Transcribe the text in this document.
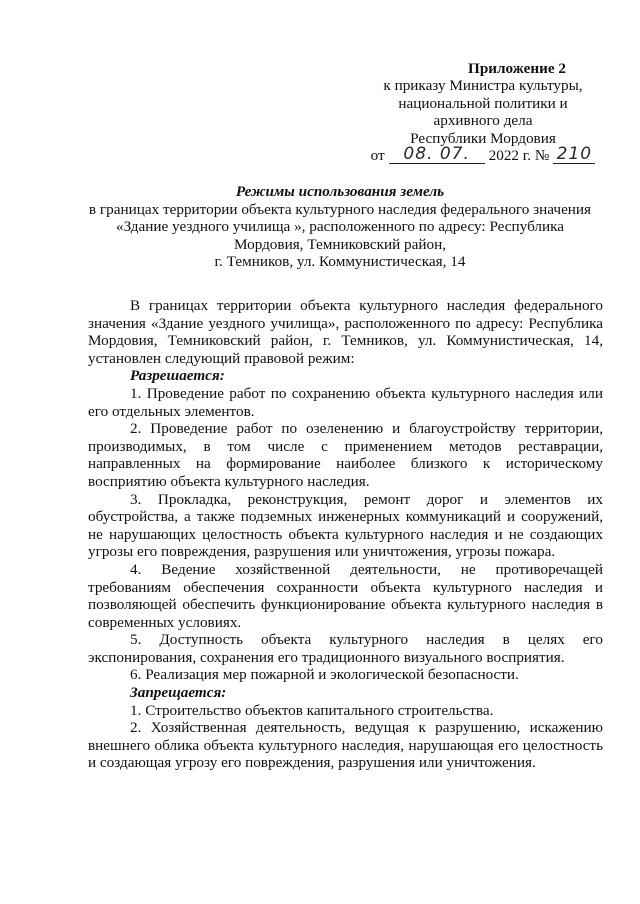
Приложение 2
к приказу Министра культуры,
национальной политики и
архивного дела
Республики Мордовия
от	08. 07.	2022 г. № 210
Режимы использования земель
в границах территории объекта культурного наследия федерального значения
«Здание уездного училища », расположенного по адресу: Республика
Мордовия, Темниковский район,
г. Темников, ул. Коммунистическая, 14

В границах территории объекта культурного наследия федерального значения «Здание уездного училища», расположенного по адресу: Республика Мордовия, Темниковский район, г. Темников, ул. Коммунистическая, 14, установлен следующий правовой режим:

Разрешается:

1. Проведение работ по сохранению объекта культурного наследия или его отдельных элементов.

2. Проведение работ по озеленению и благоустройству территории, производимых, в том числе с применением методов реставрации, направленных на формирование наиболее близкого к историческому восприятию объекта культурного наследия.

3. Прокладка, реконструкция, ремонт дорог и элементов их обустройства, а также подземных инженерных коммуникаций и сооружений, не нарушающих целостность объекта культурного наследия и не создающих угрозы его повреждения, разрушения или уничтожения, угрозы пожара.

4. Ведение хозяйственной деятельности, не противоречащей требованиям обеспечения сохранности объекта культурного наследия и позволяющей обеспечить функционирование объекта культурного наследия в современных условиях.

5. Доступность объекта культурного наследия в целях его экспонирования, сохранения его традиционного визуального восприятия.

6. Реализация мер пожарной и экологической безопасности.

Запрещается:

1. Строительство объектов капитального строительства.

2. Хозяйственная деятельность, ведущая к разрушению, искажению внешнего облика объекта культурного наследия, нарушающая его целостность и создающая угрозу его повреждения, разрушения или уничтожения.
